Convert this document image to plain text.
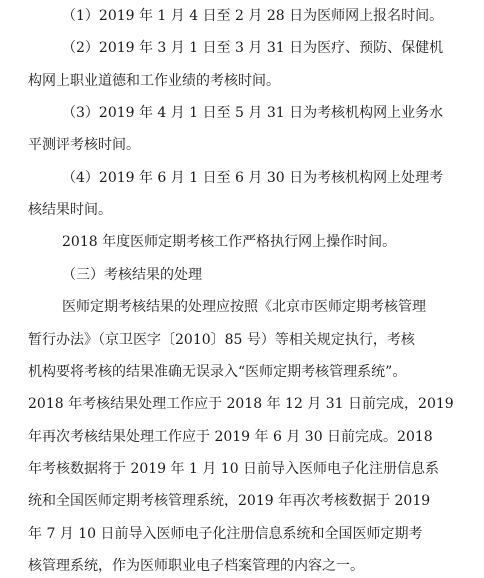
（1）2019 年 1 月 4 日至 2 月 28 日为医师网上报名时间。
（2）2019 年 3 月 1 日至 3 月 31 日为医疗、预防、保健机
构网上职业道德和工作业绩的考核时间。
（3）2019 年 4 月 1 日至 5 月 31 日为考核机构网上业务水
平测评考核时间。
（4）2019 年 6 月 1 日至 6 月 30 日为考核机构网上处理考
核结果时间。
2018 年度医师定期考核工作严格执行网上操作时间。
（三）考核结果的处理
医师定期考核结果的处理应按照《北京市医师定期考核管理
暂行办法》（京卫医字〔2010〕85 号）等相关规定执行，考核
机构要将考核的结果准确无误录入“医师定期考核管理系统”。
2018 年考核结果处理工作应于 2018 年 12 月 31 日前完成，2019
年再次考核结果处理工作应于 2019 年 6 月 30 日前完成。2018
年考核数据将于 2019 年 1 月 10 日前导入医师电子化注册信息系
统和全国医师定期考核管理系统，2019 年再次考核数据于 2019
年 7 月 10 日前导入医师电子化注册信息系统和全国医师定期考
核管理系统，作为医师职业电子档案管理的内容之一。
